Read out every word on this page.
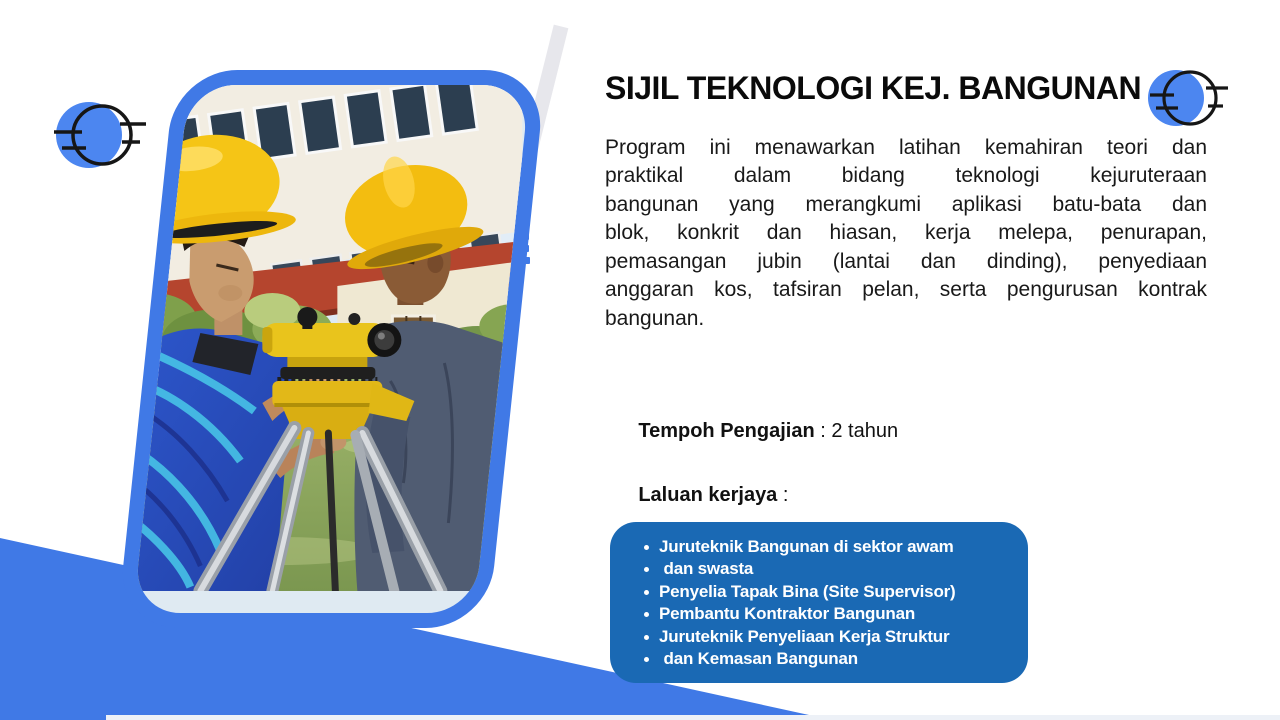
SIJIL TEKNOLOGI KEJ. BANGUNAN
Program ini menawarkan latihan kemahiran teori dan
praktikal dalam bidang teknologi kejuruteraan
bangunan yang merangkumi aplikasi batu-bata dan
blok, konkrit dan hiasan, kerja melepa, penurapan,
pemasangan jubin (lantai dan dinding), penyediaan
anggaran kos, tafsiran pelan, serta pengurusan kontrak
bangunan.

Tempoh Pengajian : 2 tahun

Laluan kerjaya :

Juruteknik Bangunan di sektor awam
dan swasta
Penyelia Tapak Bina (Site Supervisor)
Pembantu Kontraktor Bangunan
Juruteknik Penyeliaan Kerja Struktur
dan Kemasan Bangunan
